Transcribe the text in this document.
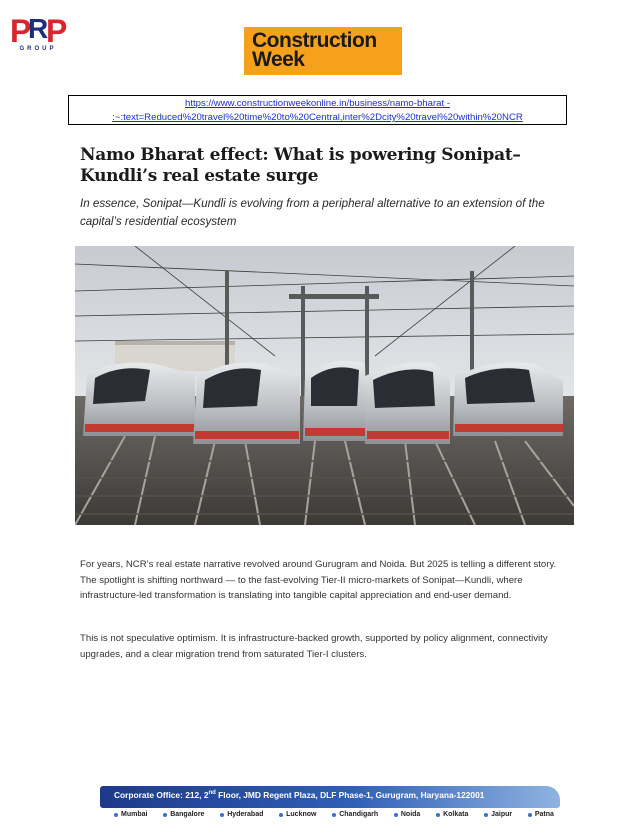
P
R
P
GROUP	Construction
Week
https://www.constructionweekonline.in/business/namo-bharat -
:~:text=Reduced%20travel%20time%20to%20Central,inter%2Dcity%20travel%20within%20NCR
Namo Bharat effect: What is powering Sonipat–Kundli’s real estate surge

In essence, Sonipat—Kundli is evolving from a peripheral alternative to an extension of the capital’s residential ecosystem

For years, NCR’s real estate narrative revolved around Gurugram and Noida. But 2025 is telling a different story. The spotlight is shifting northward — to the fast-evolving Tier-II micro-markets of Sonipat—Kundli, where infrastructure-led transformation is translating into tangible capital appreciation and end-user demand.

This is not speculative optimism. It is infrastructure-backed growth, supported by policy alignment, connectivity upgrades, and a clear migration trend from saturated Tier-I clusters.

Corporate Office: 212, 2nd Floor, JMD Regent Plaza, DLF Phase-1, Gurugram, Haryana-122001
Mumbai	Bangalore	Hyderabad	Lucknow	Chandigarh	Noida	Kolkata	Jaipur	Patna
